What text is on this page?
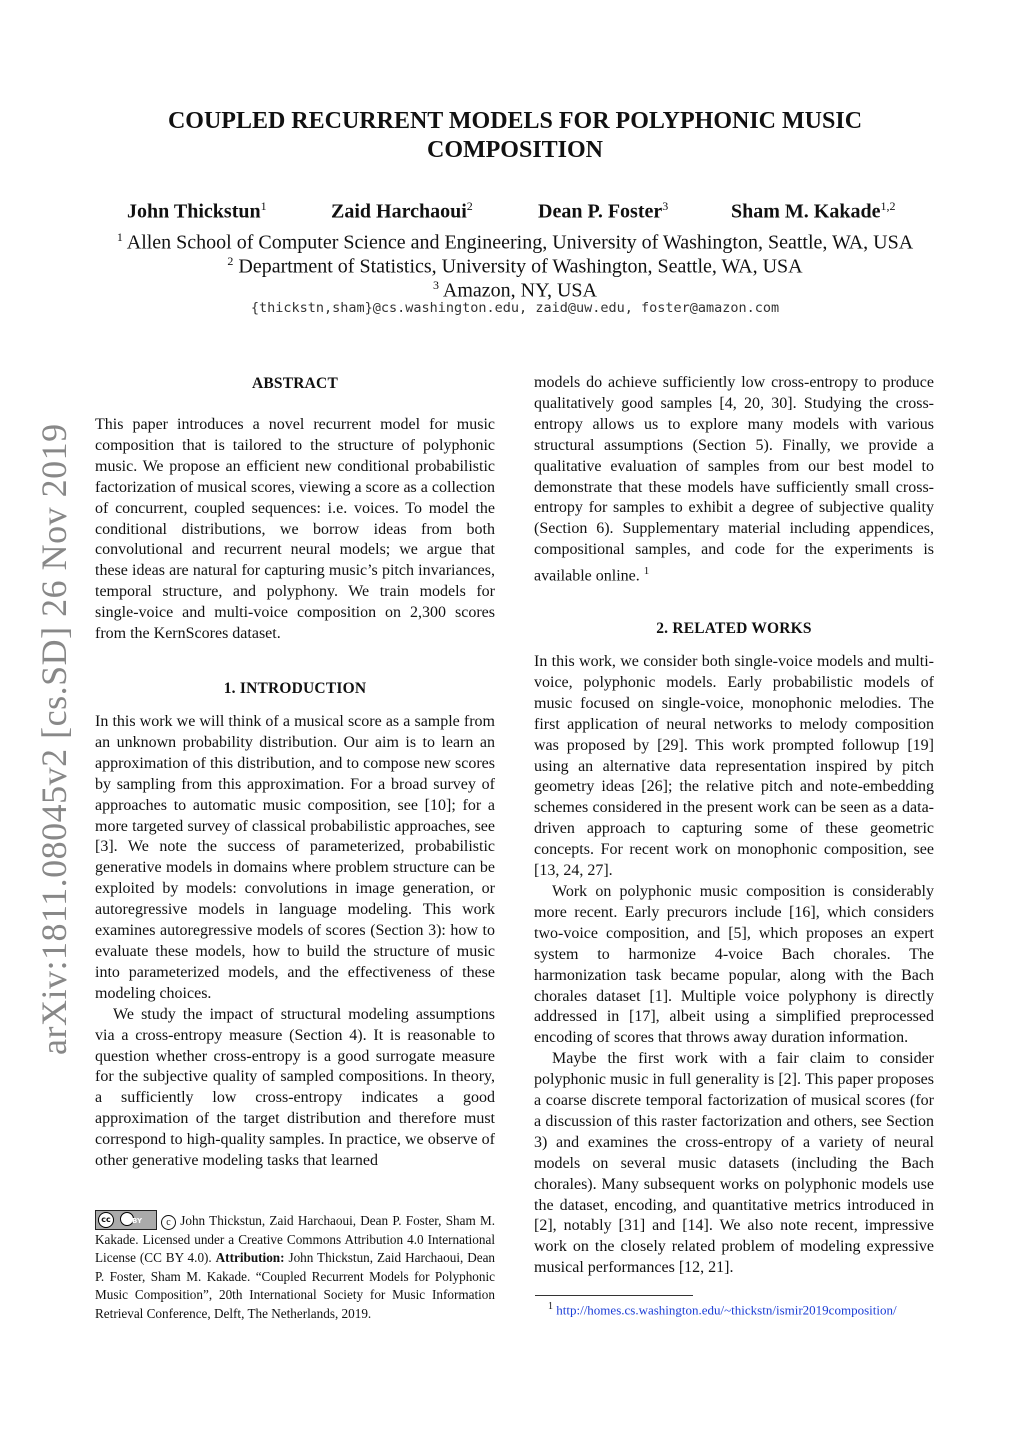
arXiv:1811.08045v2 [cs.SD] 26 Nov 2019
COUPLED RECURRENT MODELS FOR POLYPHONIC MUSIC COMPOSITION
John Thickstun$^1$	Zaid Harchaoui$^2$	Dean P. Foster$^3$	Sham M. Kakade$^{1,2}$
$^1$ Allen School of Computer Science and Engineering, University of Washington, Seattle, WA, USA
$^2$ Department of Statistics, University of Washington, Seattle, WA, USA
$^3$ Amazon, NY, USA
{thickstn,sham}@cs.washington.edu, zaid@uw.edu, foster@amazon.com
ABSTRACT

This paper introduces a novel recurrent model for music composition that is tailored to the structure of polyphonic music. We propose an efficient new conditional probabilistic factorization of musical scores, viewing a score as a collection of concurrent, coupled sequences: i.e. voices. To model the conditional distributions, we borrow ideas from both convolutional and recurrent neural models; we argue that these ideas are natural for capturing music’s pitch invariances, temporal structure, and polyphony. We train models for single-voice and multi-voice composition on 2,300 scores from the KernScores dataset.

1. INTRODUCTION

In this work we will think of a musical score as a sample from an unknown probability distribution. Our aim is to learn an approximation of this distribution, and to compose new scores by sampling from this approximation. For a broad survey of approaches to automatic music composition, see [10]; for a more targeted survey of classical probabilistic approaches, see [3]. We note the success of parameterized, probabilistic generative models in domains where problem structure can be exploited by models: convolutions in image generation, or autoregressive models in language modeling. This work examines autoregressive models of scores (Section 3): how to evaluate these models, how to build the structure of music into parameterized models, and the effectiveness of these modeling choices.

We study the impact of structural modeling assumptions via a cross-entropy measure (Section 4). It is reasonable to question whether cross-entropy is a good surrogate measure for the subjective quality of sampled compositions. In theory, a sufficiently low cross-entropy indicates a good approximation of the target distribution and therefore must correspond to high-quality samples. In practice, we observe of other generative modeling tasks that learned

cc	BY	c John Thickstun, Zaid Harchaoui, Dean P. Foster, Sham M. Kakade. Licensed under a Creative Commons Attribution 4.0 International License (CC BY 4.0). Attribution: John Thickstun, Zaid Harchaoui, Dean P. Foster, Sham M. Kakade. “Coupled Recurrent Models for Polyphonic Music Composition”, 20th International Society for Music Information Retrieval Conference, Delft, The Netherlands, 2019.

models do achieve sufficiently low cross-entropy to produce qualitatively good samples [4, 20, 30]. Studying the cross-entropy allows us to explore many models with various structural assumptions (Section 5). Finally, we provide a qualitative evaluation of samples from our best model to demonstrate that these models have sufficiently small cross-entropy for samples to exhibit a degree of subjective quality (Section 6). Supplementary material including appendices, compositional samples, and code for the experiments is available online. $^1$

2. RELATED WORKS

In this work, we consider both single-voice models and multi-voice, polyphonic models. Early probabilistic models of music focused on single-voice, monophonic melodies. The first application of neural networks to melody composition was proposed by [29]. This work prompted followup [19] using an alternative data representation inspired by pitch geometry ideas [26]; the relative pitch and note-embedding schemes considered in the present work can be seen as a data-driven approach to capturing some of these geometric concepts. For recent work on monophonic composition, see [13, 24, 27].

Work on polyphonic music composition is considerably more recent. Early precurors include [16], which considers two-voice composition, and [5], which proposes an expert system to harmonize 4-voice Bach chorales. The harmonization task became popular, along with the Bach chorales dataset [1]. Multiple voice polyphony is directly addressed in [17], albeit using a simplified preprocessed encoding of scores that throws away duration information.

Maybe the first work with a fair claim to consider polyphonic music in full generality is [2]. This paper proposes a coarse discrete temporal factorization of musical scores (for a discussion of this raster factorization and others, see Section 3) and examines the cross-entropy of a variety of neural models on several music datasets (including the Bach chorales). Many subsequent works on polyphonic models use the dataset, encoding, and quantitative metrics introduced in [2], notably [31] and [14]. We also note recent, impressive work on the closely related problem of modeling expressive musical performances [12, 21].

$^1$ http://homes.cs.washington.edu/~thickstn/ismir2019composition/
